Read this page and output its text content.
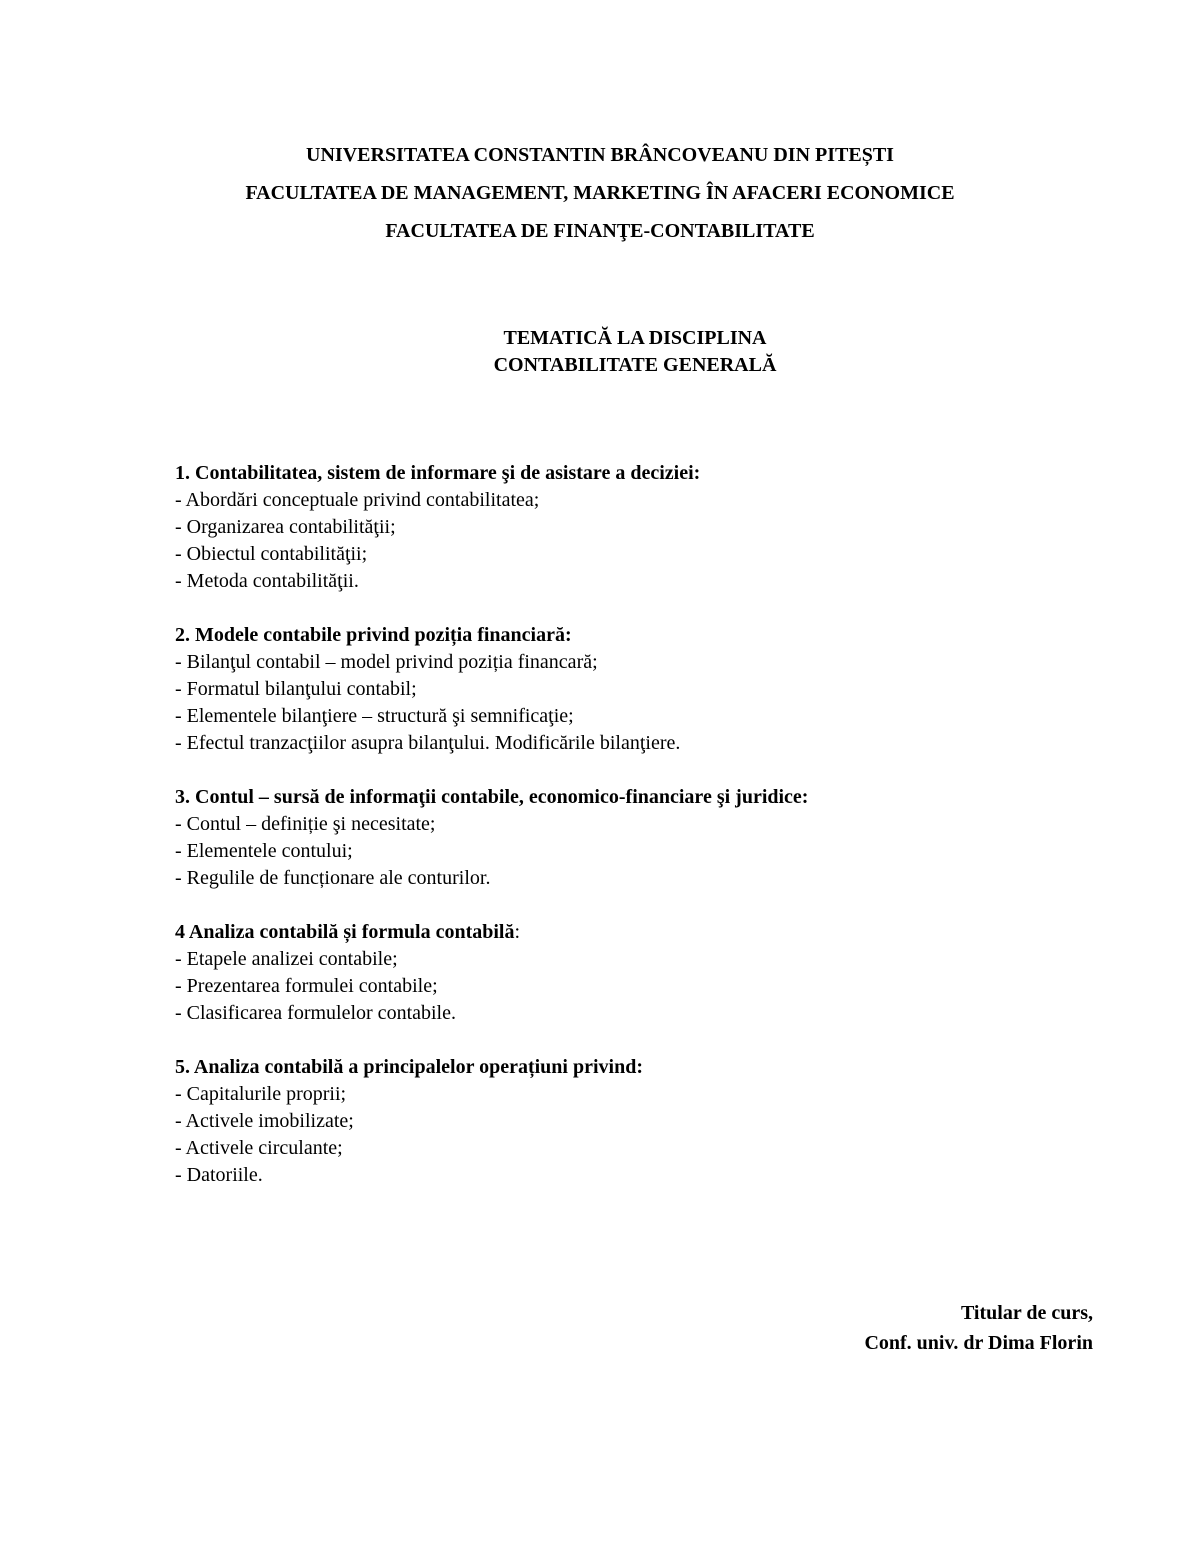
UNIVERSITATEA CONSTANTIN BRÂNCOVEANU DIN PITEȘTI
FACULTATEA DE MANAGEMENT, MARKETING ÎN AFACERI ECONOMICE
FACULTATEA DE FINANŢE-CONTABILITATE
TEMATICĂ LA DISCIPLINA
CONTABILITATE GENERALĂ
1. Contabilitatea, sistem de informare şi de asistare a deciziei:
- Abordări conceptuale privind contabilitatea;
- Organizarea contabilităţii;
- Obiectul contabilităţii;
- Metoda contabilităţii.
2. Modele contabile privind poziția financiară:
- Bilanţul contabil – model privind poziția financară;
- Formatul bilanţului contabil;
- Elementele bilanţiere – structură şi semnificaţie;
- Efectul tranzacţiilor asupra bilanţului. Modificările bilanţiere.
3. Contul – sursă de informaţii contabile, economico-financiare şi juridice:
- Contul – definiție şi necesitate;
- Elementele contului;
- Regulile de funcționare ale conturilor.
4 Analiza contabilă și formula contabilă:
- Etapele analizei contabile;
- Prezentarea formulei contabile;
- Clasificarea formulelor contabile.
5. Analiza contabilă a principalelor operațiuni privind:
- Capitalurile proprii;
- Activele imobilizate;
- Activele circulante;
- Datoriile.
Titular de curs,
Conf. univ. dr Dima Florin
